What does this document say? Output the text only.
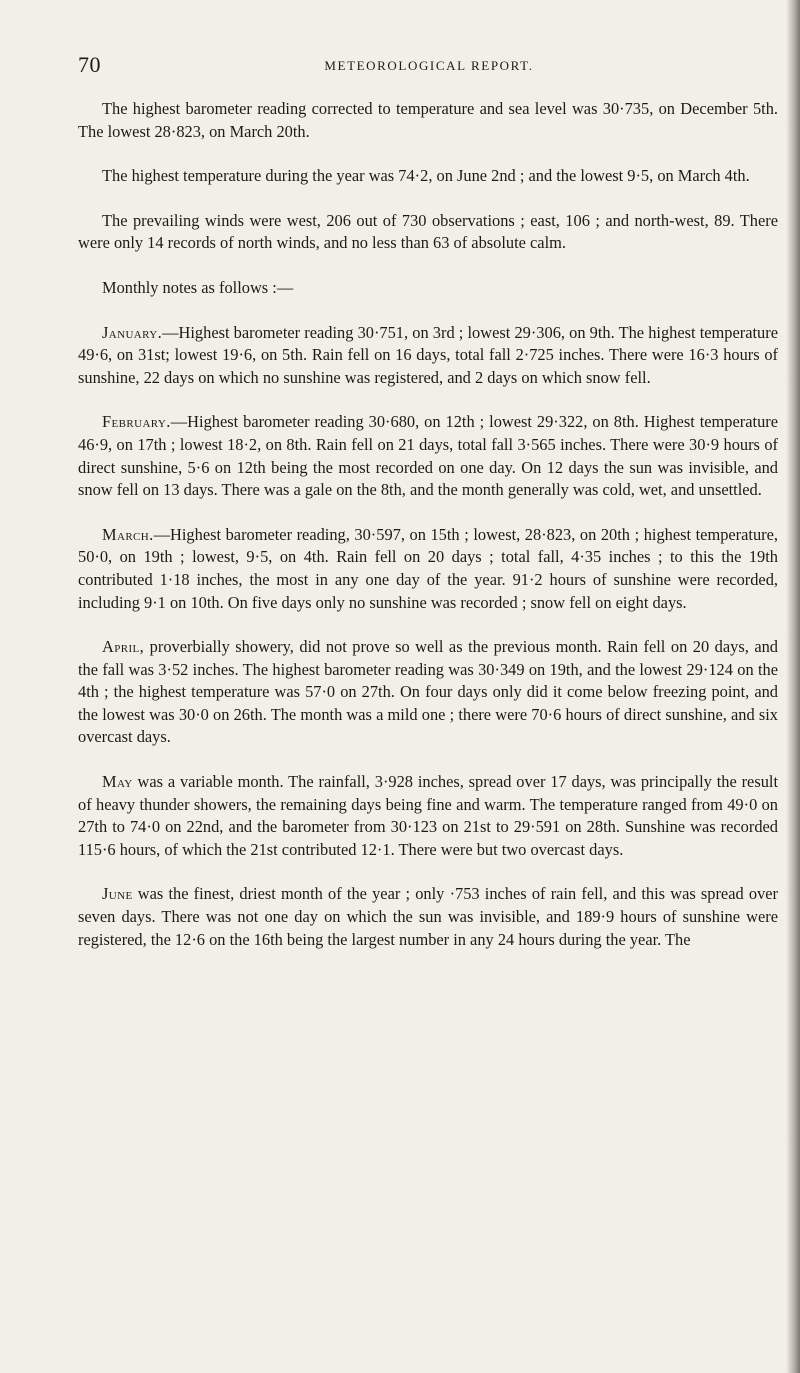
70	METEOROLOGICAL REPORT.

The highest barometer reading corrected to temperature and sea level was 30·735, on December 5th. The lowest 28·823, on March 20th.

The highest temperature during the year was 74·2, on June 2nd ; and the lowest 9·5, on March 4th.

The prevailing winds were west, 206 out of 730 observations ; east, 106 ; and north-west, 89. There were only 14 records of north winds, and no less than 63 of absolute calm.

Monthly notes as follows :—

January.—Highest barometer reading 30·751, on 3rd ; lowest 29·306, on 9th. The highest temperature 49·6, on 31st; lowest 19·6, on 5th. Rain fell on 16 days, total fall 2·725 inches. There were 16·3 hours of sunshine, 22 days on which no sunshine was registered, and 2 days on which snow fell.

February.—Highest barometer reading 30·680, on 12th ; lowest 29·322, on 8th. Highest temperature 46·9, on 17th ; lowest 18·2, on 8th. Rain fell on 21 days, total fall 3·565 inches. There were 30·9 hours of direct sunshine, 5·6 on 12th being the most recorded on one day. On 12 days the sun was invisible, and snow fell on 13 days. There was a gale on the 8th, and the month generally was cold, wet, and unsettled.

March.—Highest barometer reading, 30·597, on 15th ; lowest, 28·823, on 20th ; highest temperature, 50·0, on 19th ; lowest, 9·5, on 4th. Rain fell on 20 days ; total fall, 4·35 inches ; to this the 19th contributed 1·18 inches, the most in any one day of the year. 91·2 hours of sunshine were recorded, including 9·1 on 10th. On five days only no sunshine was recorded ; snow fell on eight days.

April, proverbially showery, did not prove so well as the previous month. Rain fell on 20 days, and the fall was 3·52 inches. The highest barometer reading was 30·349 on 19th, and the lowest 29·124 on the 4th ; the highest temperature was 57·0 on 27th. On four days only did it come below freezing point, and the lowest was 30·0 on 26th. The month was a mild one ; there were 70·6 hours of direct sunshine, and six overcast days.

May was a variable month. The rainfall, 3·928 inches, spread over 17 days, was principally the result of heavy thunder showers, the remaining days being fine and warm. The temperature ranged from 49·0 on 27th to 74·0 on 22nd, and the barometer from 30·123 on 21st to 29·591 on 28th. Sunshine was recorded 115·6 hours, of which the 21st contributed 12·1. There were but two overcast days.

June was the finest, driest month of the year ; only ·753 inches of rain fell, and this was spread over seven days. There was not one day on which the sun was invisible, and 189·9 hours of sunshine were registered, the 12·6 on the 16th being the largest number in any 24 hours during the year. The
